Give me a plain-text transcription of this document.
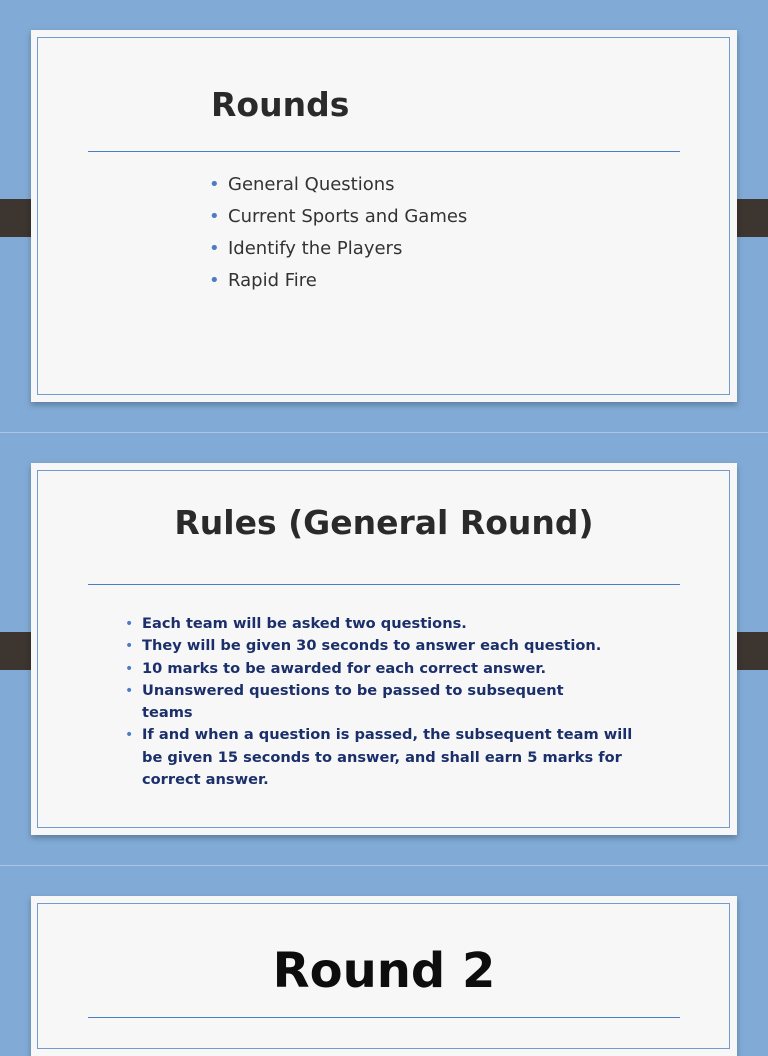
Rounds
• General Questions
• Current Sports and Games
• Identify the Players
• Rapid Fire
Rules (General Round)
• Each team will be asked two questions.
• They will be given 30 seconds to answer each question.
• 10 marks to be awarded for each correct answer.
• Unanswered questions to be passed to subsequent teams
• If and when a question is passed, the subsequent team will be given 15 seconds to answer, and shall earn 5 marks for correct answer.
Round 2
